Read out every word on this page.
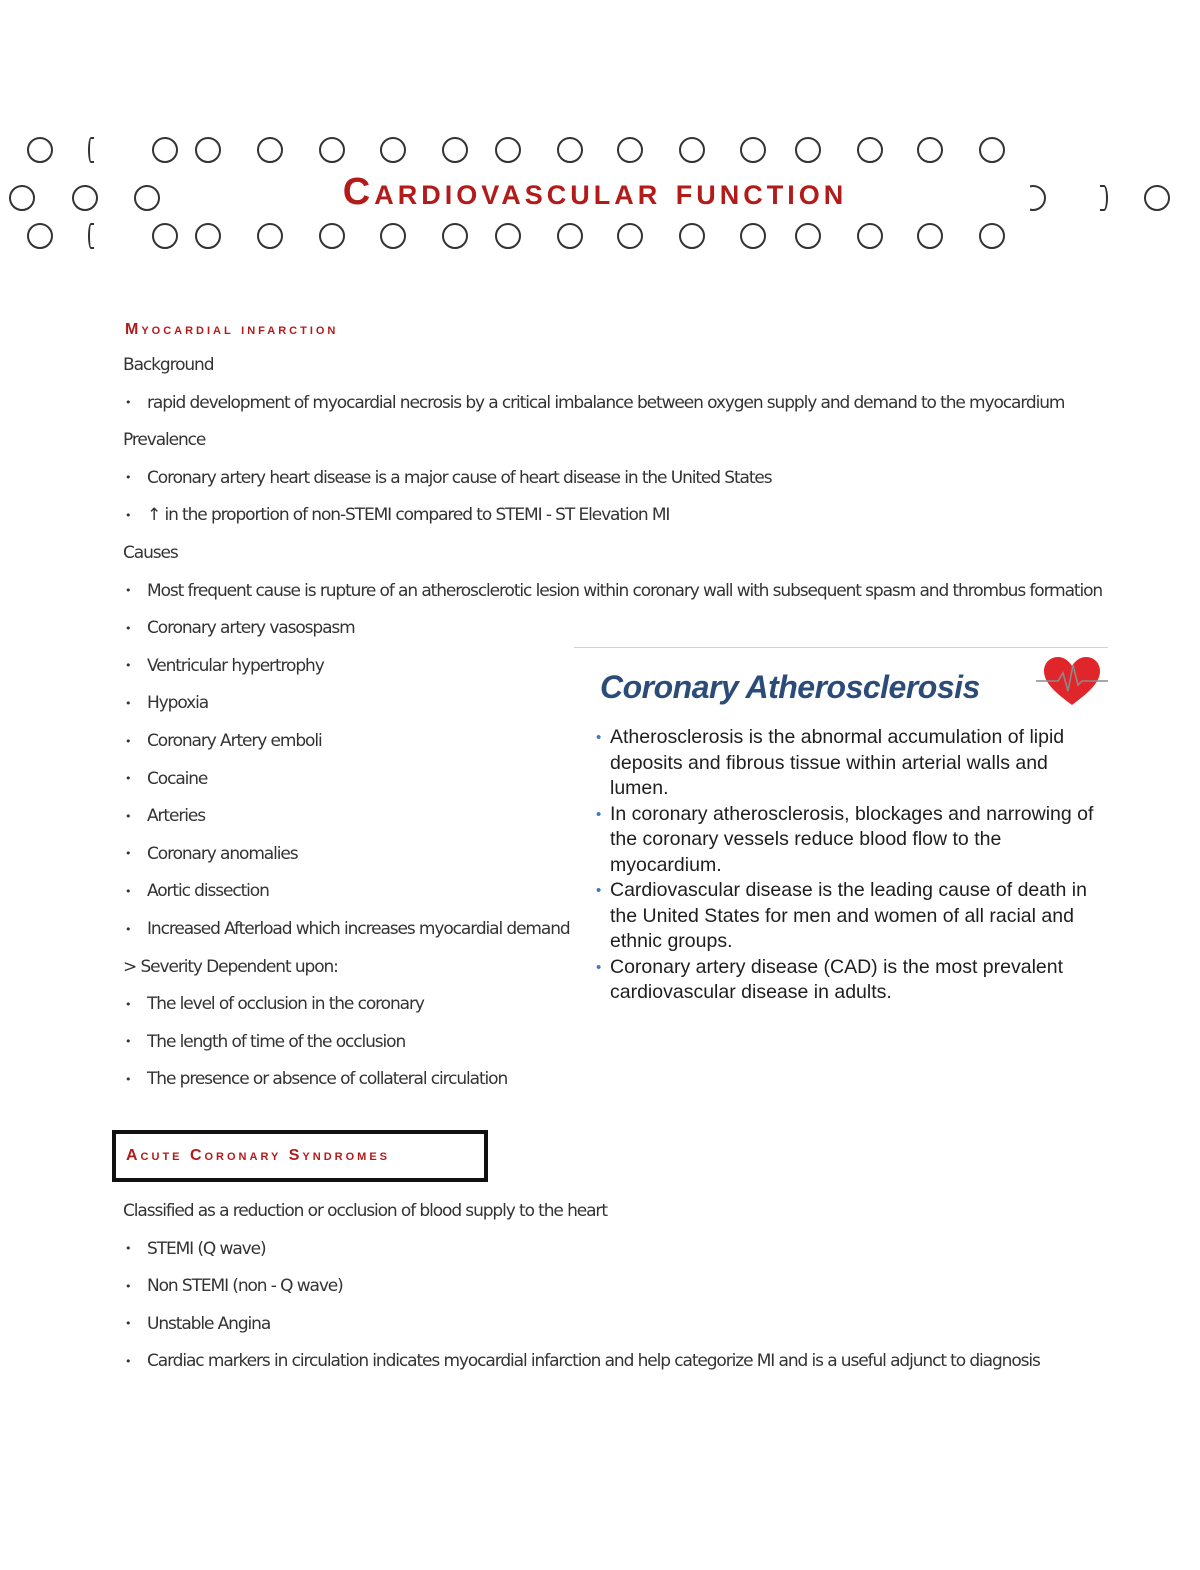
Cardiovascular function
Myocardial infarction
Background
• rapid development of myocardial necrosis by a critical imbalance between oxygen supply and demand to the myocardium
Prevalence
• Coronary artery heart disease is a major cause of heart disease in the United States
• ↑ in the proportion of non-STEMI compared to STEMI - ST Elevation MI
Causes
• Most frequent cause is rupture of an atherosclerotic lesion within coronary wall with subsequent spasm and thrombus formation
• Coronary artery vasospasm
• Ventricular hypertrophy
• Hypoxia
• Coronary Artery emboli
• Cocaine
• Arteries
• Coronary anomalies
• Aortic dissection
• Increased Afterload which increases myocardial demand
> Severity Dependent upon:
• The level of occlusion in the coronary
• The length of time of the occlusion
• The presence or absence of collateral circulation
Acute Coronary Syndromes
Classified as a reduction or occlusion of blood supply to the heart
• STEMI (Q wave)
• Non STEMI (non - Q wave)
• Unstable Angina
• Cardiac markers in circulation indicates myocardial infarction and help categorize MI and is a useful adjunct to diagnosis
Coronary Atherosclerosis
• Atherosclerosis is the abnormal accumulation of lipid deposits and fibrous tissue within arterial walls and lumen.
• In coronary atherosclerosis, blockages and narrowing of the coronary vessels reduce blood flow to the myocardium.
• Cardiovascular disease is the leading cause of death in the United States for men and women of all racial and ethnic groups.
• Coronary artery disease (CAD) is the most prevalent cardiovascular disease in adults.
